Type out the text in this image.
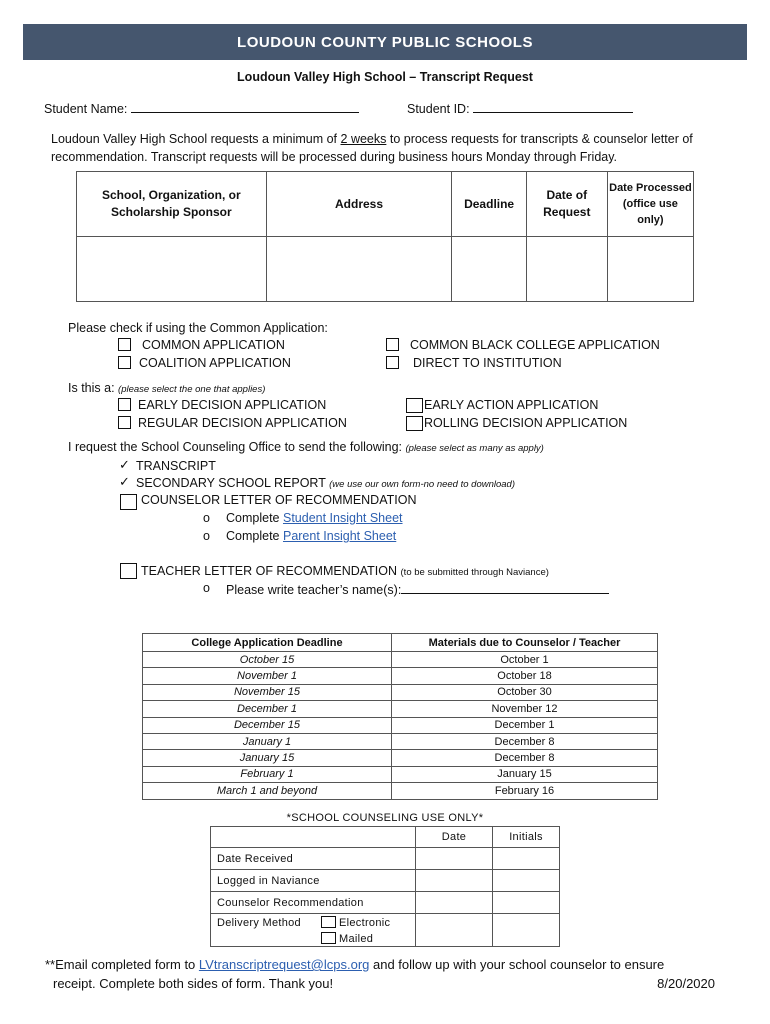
LOUDOUN COUNTY PUBLIC SCHOOLS
Loudoun Valley High School – Transcript Request
Student Name:	Student ID:
Loudoun Valley High School requests a minimum of 2 weeks to process requests for transcripts & counselor letter of recommendation. Transcript requests will be processed during business hours Monday through Friday.
School, Organization, or Scholarship Sponsor	Address	Deadline	Date of Request	Date Processed (office use only)

Please check if using the Common Application:
COMMON APPLICATION
COALITION APPLICATION
COMMON BLACK COLLEGE APPLICATION
DIRECT TO INSTITUTION
Is this a: (please select the one that applies)
EARLY DECISION APPLICATION
REGULAR DECISION APPLICATION
EARLY ACTION APPLICATION
ROLLING DECISION APPLICATION
I request the School Counseling Office to send the following: (please select as many as apply)
✓ TRANSCRIPT
✓ SECONDARY SCHOOL REPORT (we use our own form-no need to download)
COUNSELOR LETTER OF RECOMMENDATION
o Complete Student Insight Sheet
o Complete Parent Insight Sheet
TEACHER LETTER OF RECOMMENDATION (to be submitted through Naviance)
o Please write teacher’s name(s):
College Application Deadline	Materials due to Counselor / Teacher
October 15	October 1
November 1	October 18
November 15	October 30
December 1	November 12
December 15	December 1
January 1	December 8
January 15	December 8
February 1	January 15
March 1 and beyond	February 16
*SCHOOL COUNSELING USE ONLY*
	Date	Initials
Date Received		
Logged in Naviance		
Counselor Recommendation		

Delivery Method Electronic
Mailed		

**Email completed form to LVtranscriptrequest@lcps.org and follow up with your school counselor to ensure
receipt. Complete both sides of form. Thank you!	8/20/2020
